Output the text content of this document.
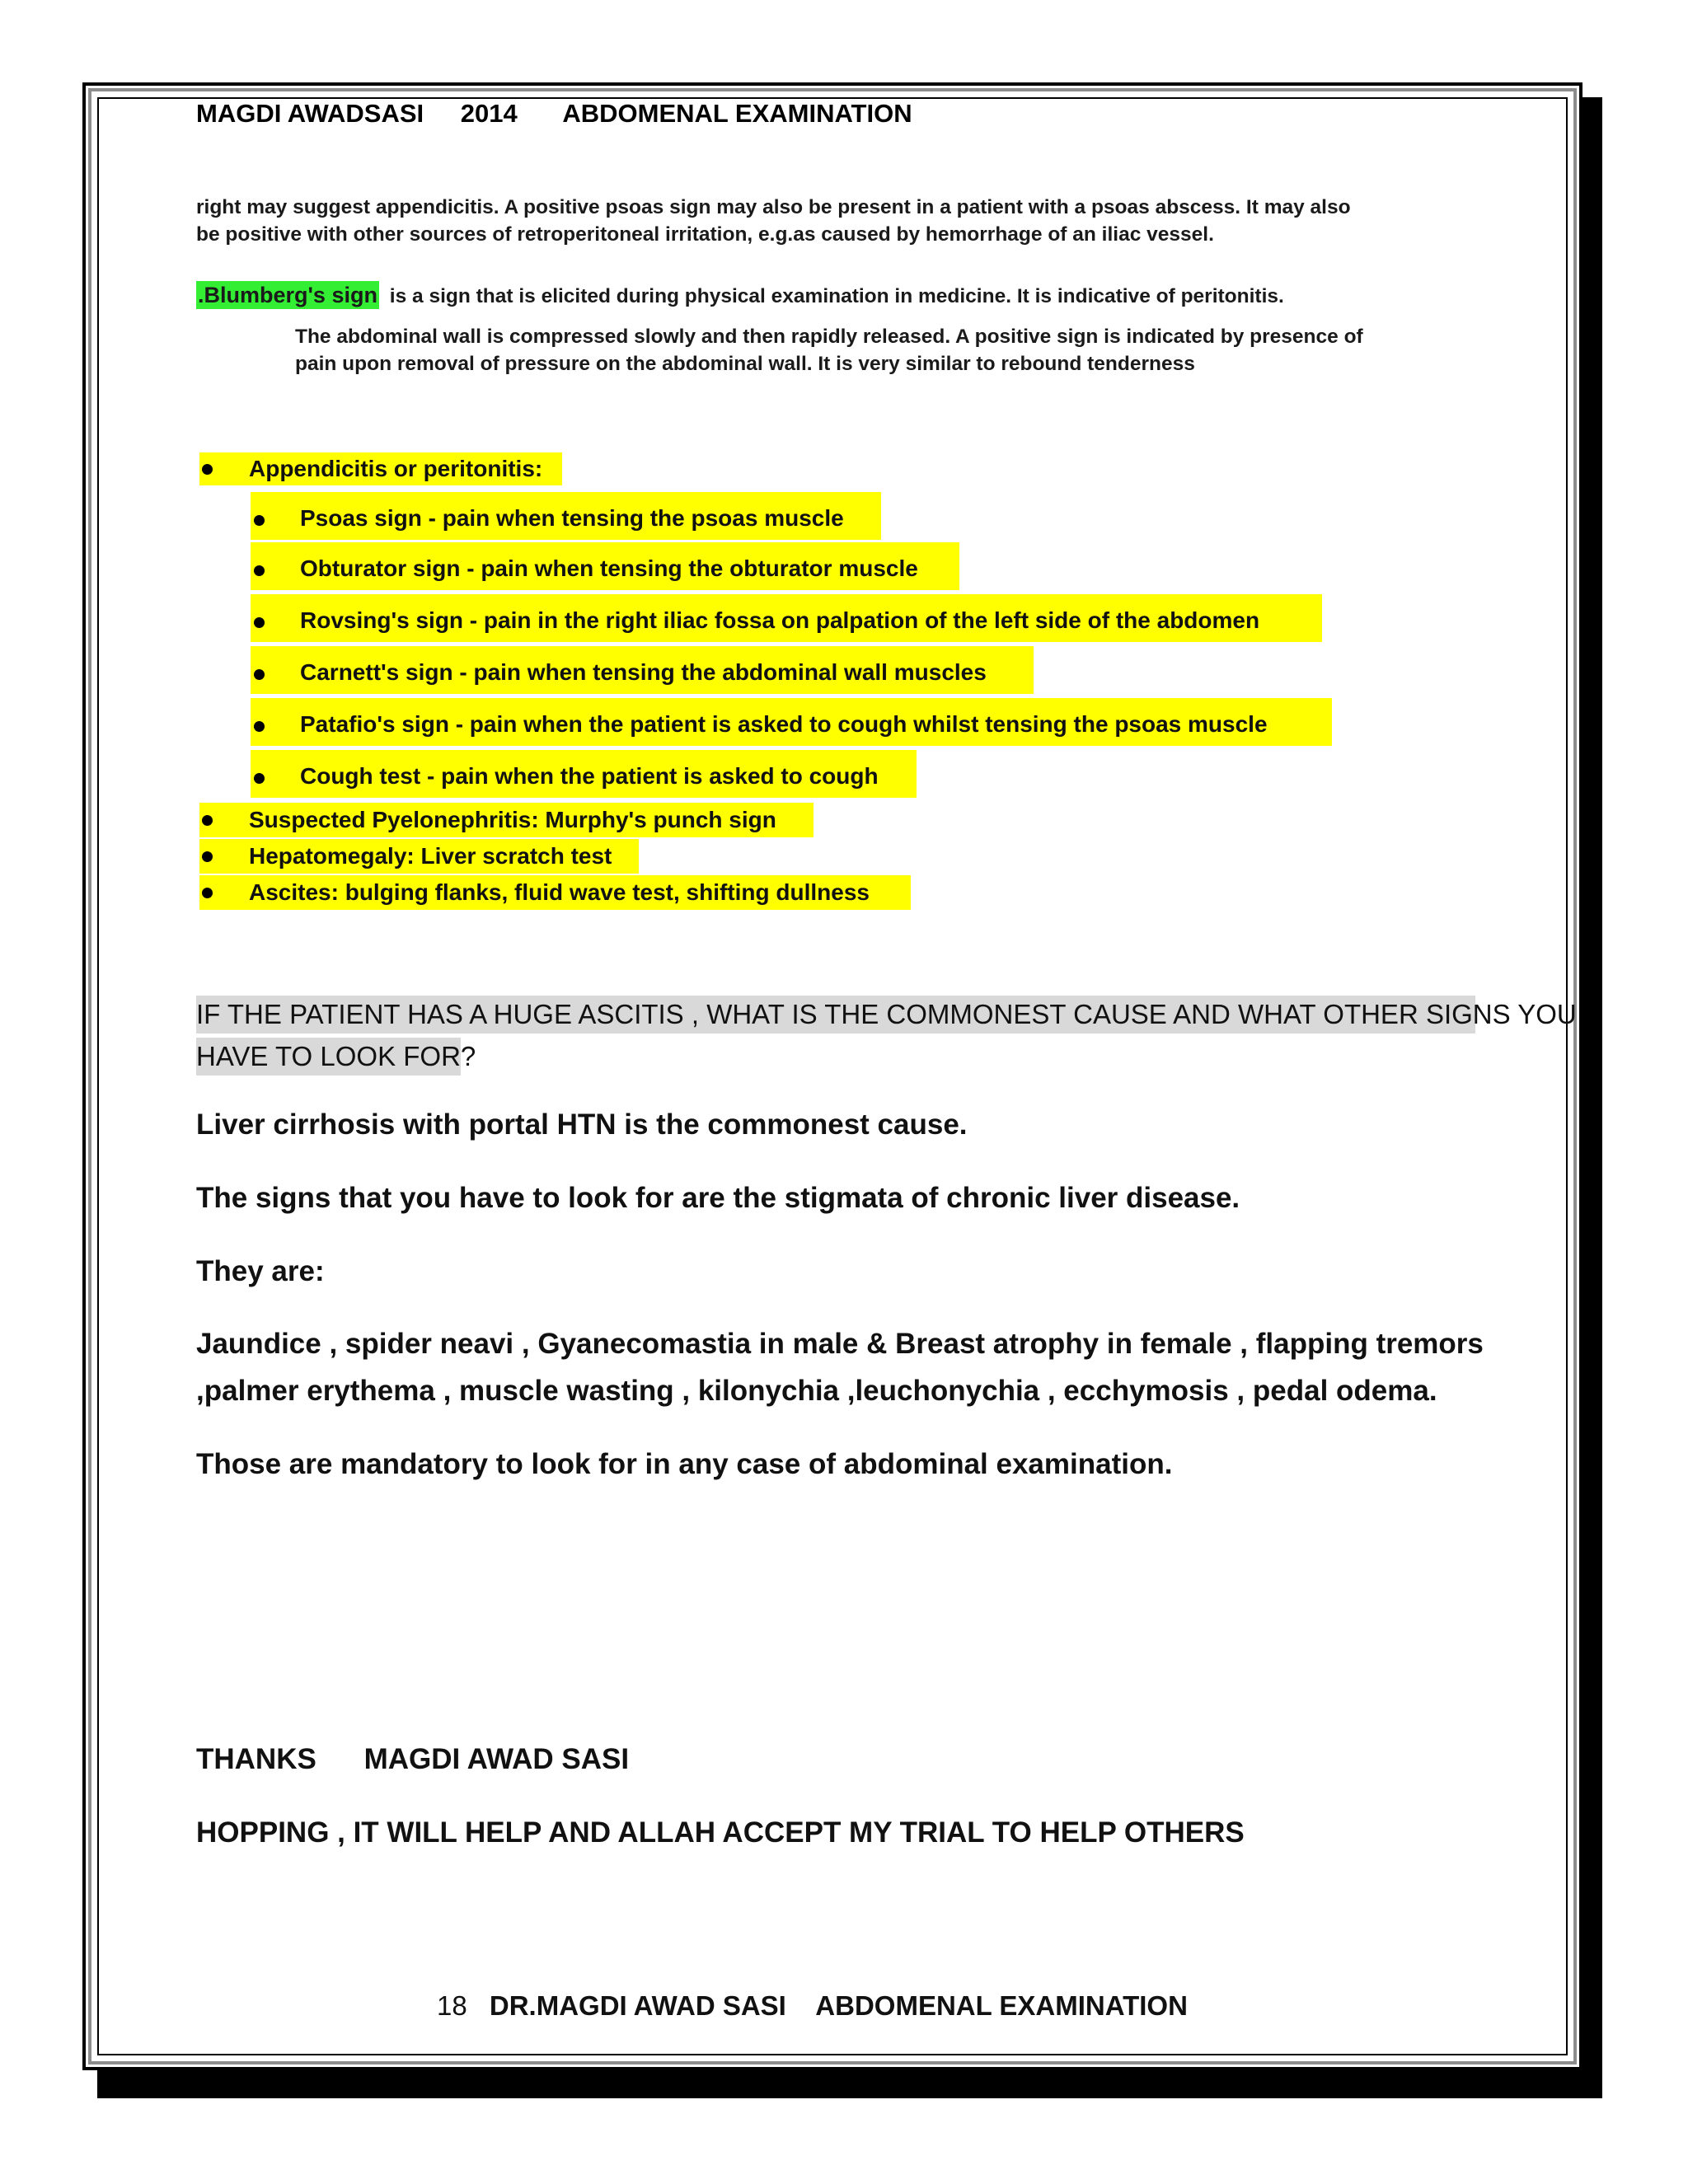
MAGDI AWADSASI 2014 ABDOMENAL EXAMINATION
right may suggest appendicitis. A positive psoas sign may also be present in a patient with a psoas abscess. It may also
be positive with other sources of retroperitoneal irritation, e.g.as caused by hemorrhage of an iliac vessel.
.Blumberg's sign is a sign that is elicited during physical examination in medicine. It is indicative of peritonitis.
The abdominal wall is compressed slowly and then rapidly released. A positive sign is indicated by presence of
pain upon removal of pressure on the abdominal wall. It is very similar to rebound tenderness
Appendicitis or peritonitis:
Psoas sign - pain when tensing the psoas muscle
Obturator sign - pain when tensing the obturator muscle
Rovsing's sign - pain in the right iliac fossa on palpation of the left side of the abdomen
Carnett's sign - pain when tensing the abdominal wall muscles
Patafio's sign - pain when the patient is asked to cough whilst tensing the psoas muscle
Cough test - pain when the patient is asked to cough
Suspected Pyelonephritis: Murphy's punch sign
Hepatomegaly: Liver scratch test
Ascites: bulging flanks, fluid wave test, shifting dullness
IF THE PATIENT HAS A HUGE ASCITIS , WHAT IS THE COMMONEST CAUSE AND WHAT OTHER SIGNS YOU
HAVE TO LOOK FOR?
Liver cirrhosis with portal HTN is the commonest cause.
The signs that you have to look for are the stigmata of chronic liver disease.
They are:
Jaundice , spider neavi , Gyanecomastia in male & Breast atrophy in female , flapping tremors
,palmer erythema , muscle wasting , kilonychia ,leuchonychia , ecchymosis , pedal odema.
Those are mandatory to look for in any case of abdominal examination.
THANKS MAGDI AWAD SASI
HOPPING , IT WILL HELP AND ALLAH ACCEPT MY TRIAL TO HELP OTHERS
18 DR.MAGDI AWAD SASI    ABDOMENAL EXAMINATION
